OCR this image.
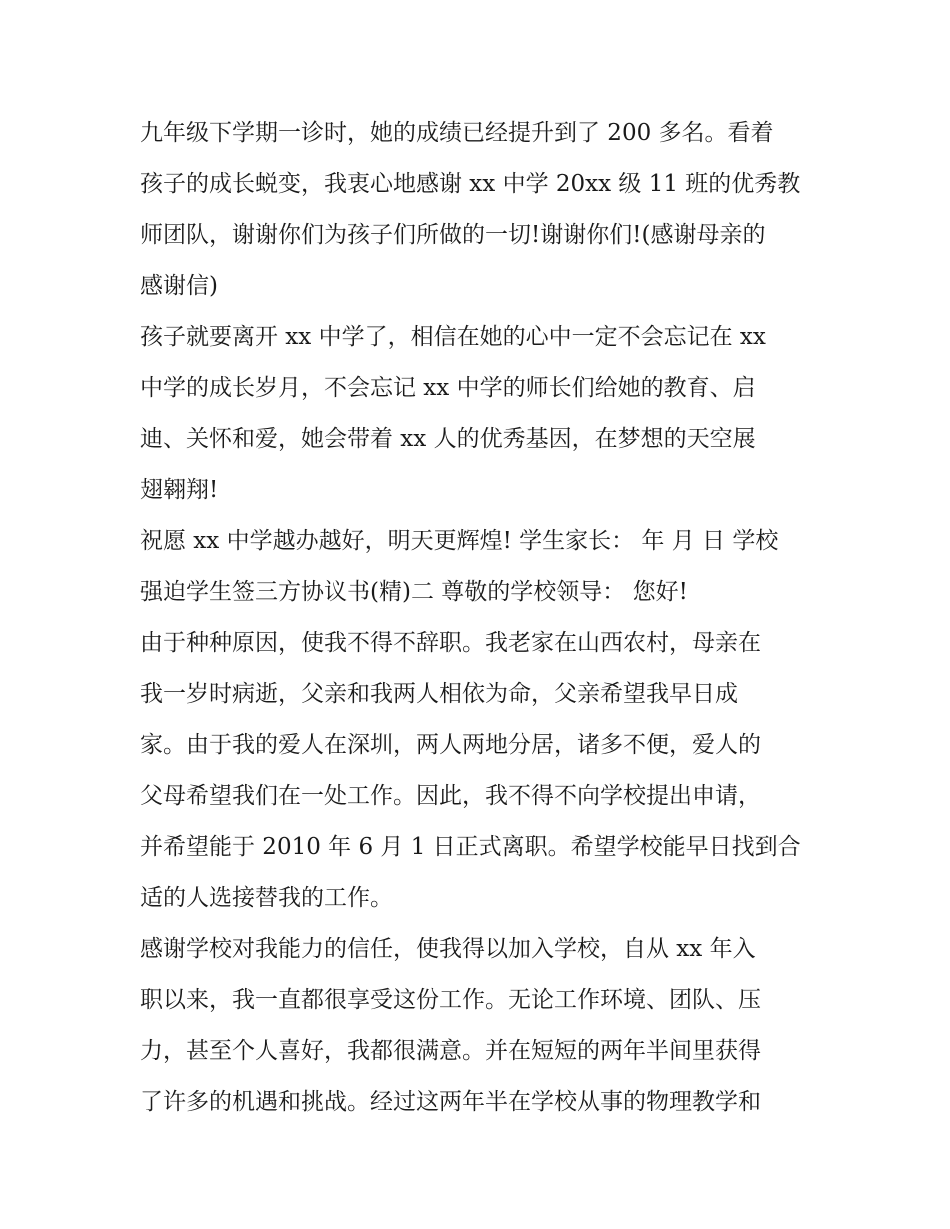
九年级下学期一诊时，她的成绩已经提升到了 200 多名。看着
孩子的成长蜕变，我衷心地感谢 xx 中学 20xx 级 11 班的优秀教
师团队，谢谢你们为孩子们所做的一切!谢谢你们!(感谢母亲的
感谢信)
孩子就要离开 xx 中学了，相信在她的心中一定不会忘记在 xx
中学的成长岁月，不会忘记 xx 中学的师长们给她的教育、启
迪、关怀和爱，她会带着 xx 人的优秀基因，在梦想的天空展
翅翱翔!
祝愿 xx 中学越办越好，明天更辉煌! 学生家长： 年 月 日 学校
强迫学生签三方协议书(精)二 尊敬的学校领导： 您好!
由于种种原因，使我不得不辞职。我老家在山西农村，母亲在
我一岁时病逝，父亲和我两人相依为命，父亲希望我早日成
家。由于我的爱人在深圳，两人两地分居，诸多不便，爱人的
父母希望我们在一处工作。因此，我不得不向学校提出申请，
并希望能于 2010 年 6 月 1 日正式离职。希望学校能早日找到合
适的人选接替我的工作。
感谢学校对我能力的信任，使我得以加入学校，自从 xx 年入
职以来，我一直都很享受这份工作。无论工作环境、团队、压
力，甚至个人喜好，我都很满意。并在短短的两年半间里获得
了许多的机遇和挑战。经过这两年半在学校从事的物理教学和
